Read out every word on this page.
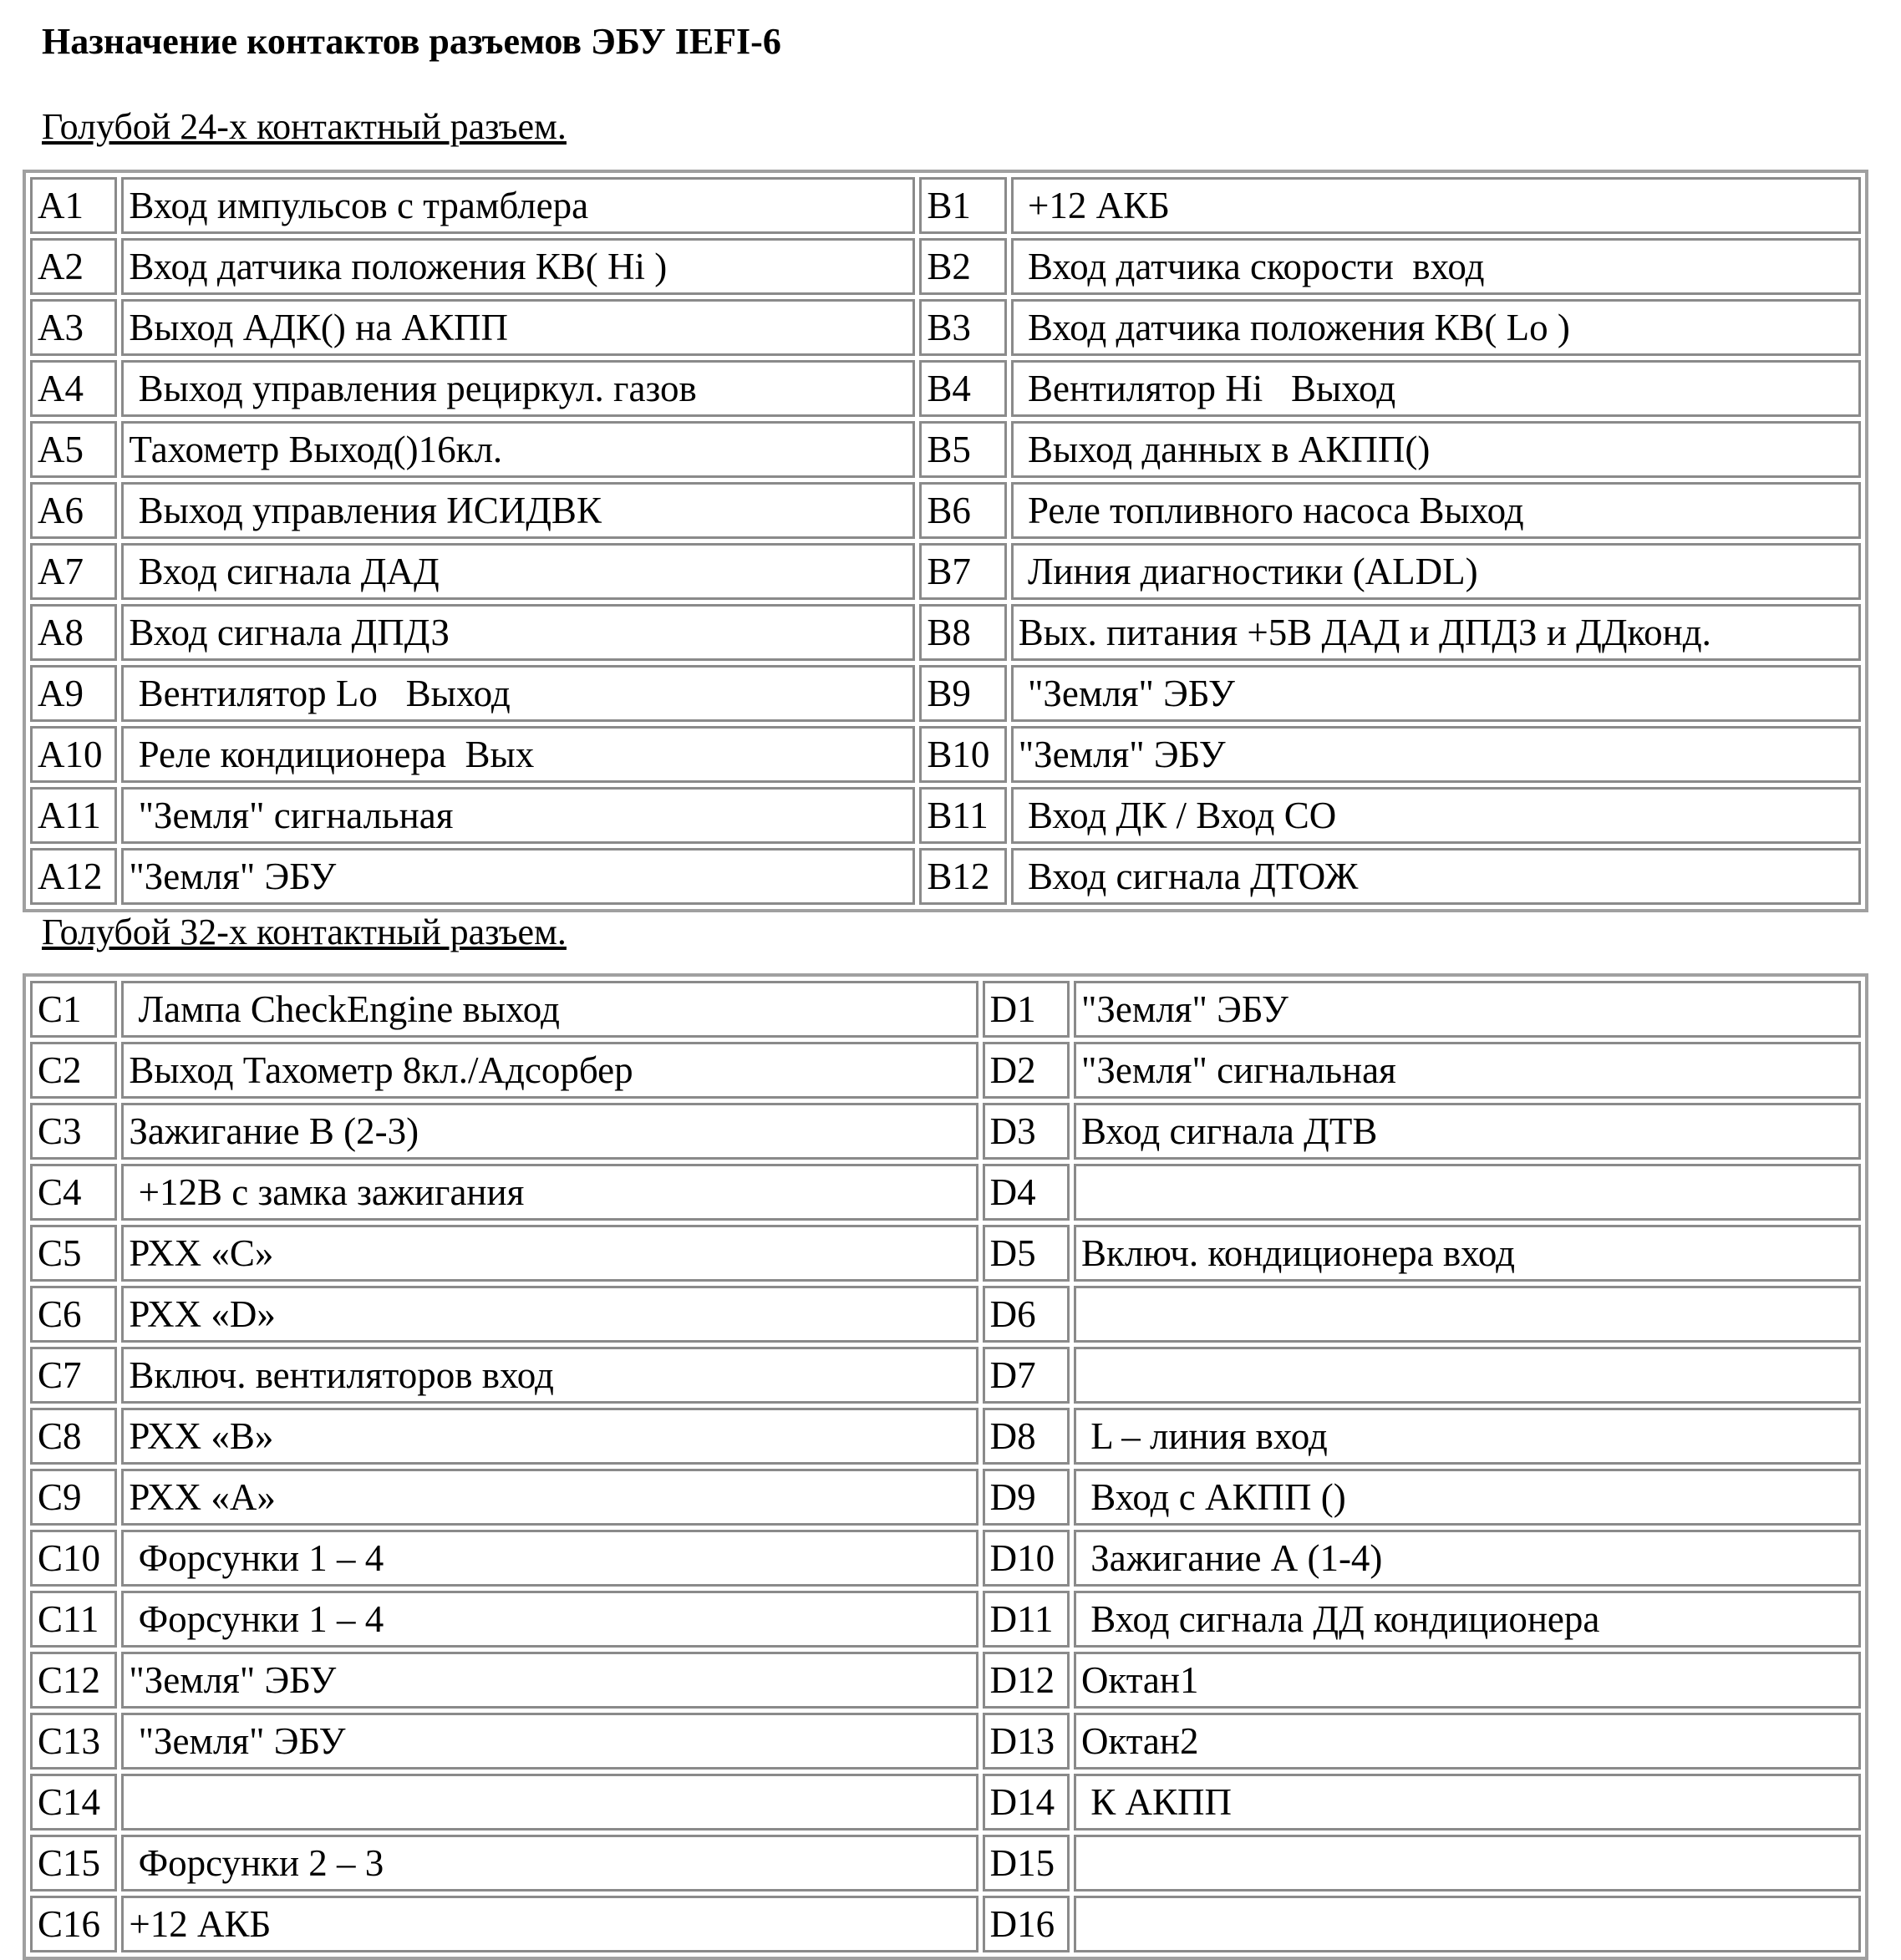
Назначение контактов разъемов ЭБУ IEFI-6
Голубой 24-х контактный разъем.
A1	Вход импульсов с трамблера	B1	+12 АКБ
A2	Вход датчика положения КВ( Hi )	B2	Вход датчика скорости  вход
A3	Выход АДК() на АКПП	B3	Вход датчика положения КВ( Lo )
A4	Выход управления рециркул. газов	B4	Вентилятор Hi   Выход
A5	Тахометр Выход()16кл.	B5	Выход данных в АКПП()
A6	Выход управления ИСИДВК	B6	Реле топливного насоса Выход
A7	Вход сигнала ДАД	B7	Линия диагностики (ALDL)
A8	Вход сигнала ДПДЗ	B8	Вых. питания +5В ДАД и ДПДЗ и ДДконд.
A9	Вентилятор Lo   Выход	B9	"Земля" ЭБУ
A10	Реле кондиционера  Вых	B10	"Земля" ЭБУ
A11	"Земля" сигнальная	B11	Вход ДК / Вход СО
A12	"Земля" ЭБУ	B12	Вход сигнала ДТОЖ
Голубой 32-х контактный разъем.
C1	Лампа CheckEngine выход	D1	"Земля" ЭБУ
C2	Выход Тахометр 8кл./Адсорбер	D2	"Земля" сигнальная
C3	Зажигание В (2-3)	D3	Вход сигнала ДТВ
C4	+12В с замка зажигания	D4	
C5	РХХ «С»	D5	Включ. кондиционера вход
C6	РХХ «D»	D6	
C7	Включ. вентиляторов вход	D7	
C8	РХХ «В»	D8	L – линия вход
C9	РХХ «А»	D9	Вход с АКПП ()
C10	Форсунки 1 – 4	D10	Зажигание А (1-4)
C11	Форсунки 1 – 4	D11	Вход сигнала ДД кондиционера
C12	"Земля" ЭБУ	D12	Октан1
C13	"Земля" ЭБУ	D13	Октан2
C14		D14	К АКПП
C15	Форсунки 2 – 3	D15	
C16	+12 АКБ	D16	
